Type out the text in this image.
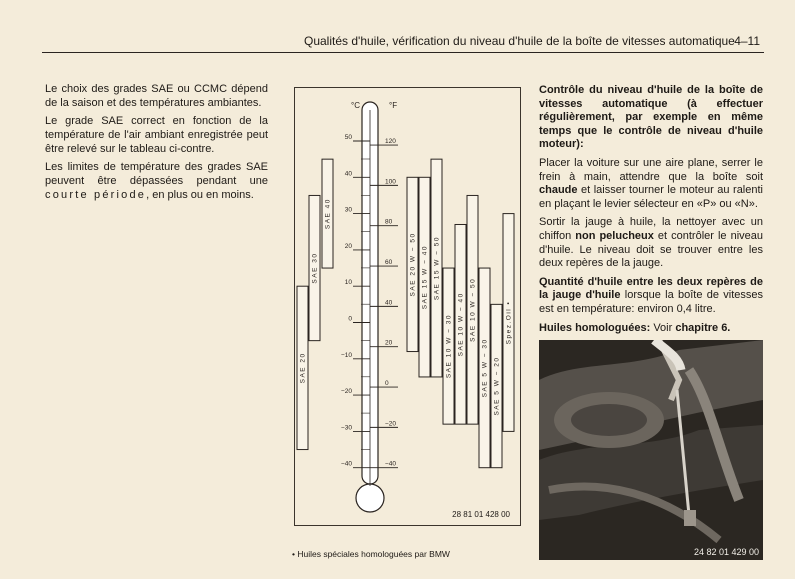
Qualités d'huile, vérification du niveau d'huile de la boîte de vitesses automatique 4–11

Le choix des grades SAE ou CCMC dépend de la saison et des températures ambiantes.

Le grade SAE correct en fonction de la température de l'air ambiant enregistrée peut être relevé sur le tableau ci-contre.

Les limites de température des grades SAE peuvent être dépassées pendant une courte période, en plus ou en moins.

°C	°F
50
40
30
20
10
0
−10
−20
−30
−40
120
100
80
60
40
20
0
−20
−40
SAE 20
SAE 30
SAE 40
SAE 20 W − 50 SAE 15 W − 40 SAE 15 W − 50
SAE 10 W − 30 SAE 10 W − 40 SAE 10 W − 50
SAE 5 W − 30 SAE 5 W − 20
Spez.Oil •
28 81 01 428 00
• Huiles spéciales homologuées par BMW

Contrôle du niveau d'huile de la boîte de vitesses automatique (à effectuer régulièrement, par exemple en même temps que le contrôle de niveau d'huile moteur):

Placer la voiture sur une aire plane, serrer le frein à main, attendre que la boîte soit chaude et laisser tourner le moteur au ralenti en plaçant le levier sélecteur en «P» ou «N».

Sortir la jauge à huile, la nettoyer avec un chiffon non pelucheux et contrôler le niveau d'huile. Le niveau doit se trouver entre les deux repères de la jauge.

Quantité d'huile entre les deux repères de la jauge d'huile lorsque la boîte de vitesses est en température: environ 0,4 litre.

Huiles homologuées: Voir chapitre 6.

24 82 01 429 00
